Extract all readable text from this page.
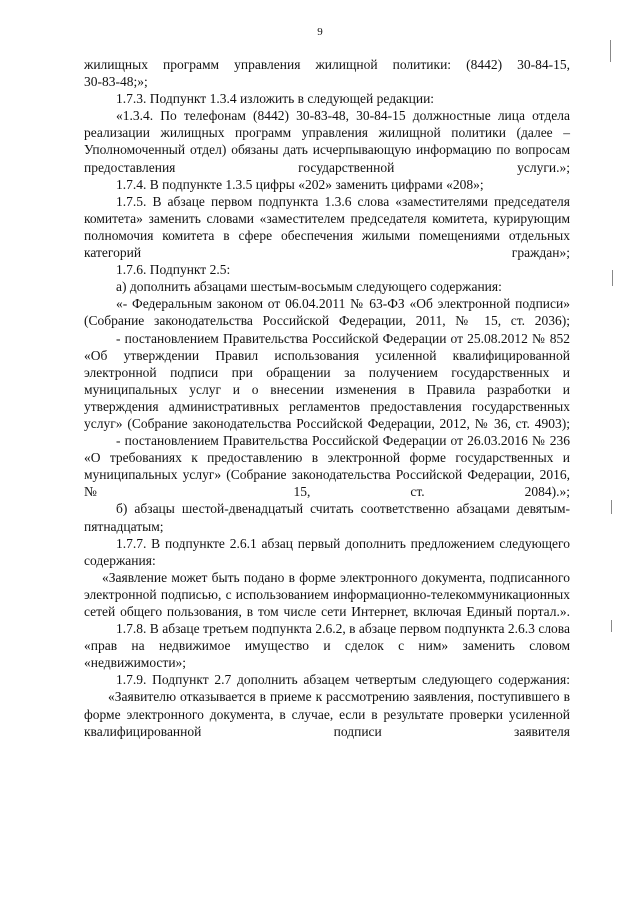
9

жилищных программ управления жилищной политики: (8442) 30-84-15,

30-83-48;»;

1.7.3. Подпункт 1.3.4 изложить в следующей редакции:

«1.3.4. По телефонам (8442) 30-83-48, 30-84-15 должностные лица отдела реализации жилищных программ управления жилищной политики (далее – Уполномоченный отдел) обязаны дать исчерпывающую информацию по вопросам предоставления государственной услуги.»;

1.7.4. В подпункте 1.3.5 цифры «202» заменить цифрами «208»;

1.7.5. В абзаце первом подпункта 1.3.6 слова «заместителями председателя комитета» заменить словами «заместителем председателя комитета, курирующим полномочия комитета в сфере обеспечения жилыми помещениями отдельных категорий граждан»;

1.7.6. Подпункт 2.5:

а) дополнить абзацами шестым-восьмым следующего содержания:

«- Федеральным законом от 06.04.2011 № 63-ФЗ «Об электронной подписи» (Собрание законодательства Российской Федерации, 2011, № 15, ст. 2036);

- постановлением Правительства Российской Федерации от 25.08.2012 № 852 «Об утверждении Правил использования усиленной квалифицированной электронной подписи при обращении за получением государственных и муниципальных услуг и о внесении изменения в Правила разработки и утверждения административных регламентов предоставления государственных услуг» (Собрание законодательства Российской Федерации, 2012, № 36, ст. 4903);

- постановлением Правительства Российской Федерации от 26.03.2016 № 236 «О требованиях к предоставлению в электронной форме государственных и муниципальных услуг» (Собрание законодательства Российской Федерации, 2016, № 15, ст. 2084).»;

б) абзацы шестой-двенадцатый считать соответственно абзацами девятым-пятнадцатым;

1.7.7. В подпункте 2.6.1 абзац первый дополнить предложением следующего содержания:

«Заявление может быть подано в форме электронного документа, подписанного электронной подписью, с использованием информационно-телекоммуникационных сетей общего пользования, в том числе сети Интернет, включая Единый портал.».

1.7.8. В абзаце третьем подпункта 2.6.2, в абзаце первом подпункта 2.6.3 слова «прав на недвижимое имущество и сделок с ним» заменить словом «недвижимости»;

1.7.9. Подпункт 2.7 дополнить абзацем четвертым следующего содержания:

«Заявителю отказывается в приеме к рассмотрению заявления, поступившего в форме электронного документа, в случае, если в результате проверки усиленной квалифицированной подписи заявителя
